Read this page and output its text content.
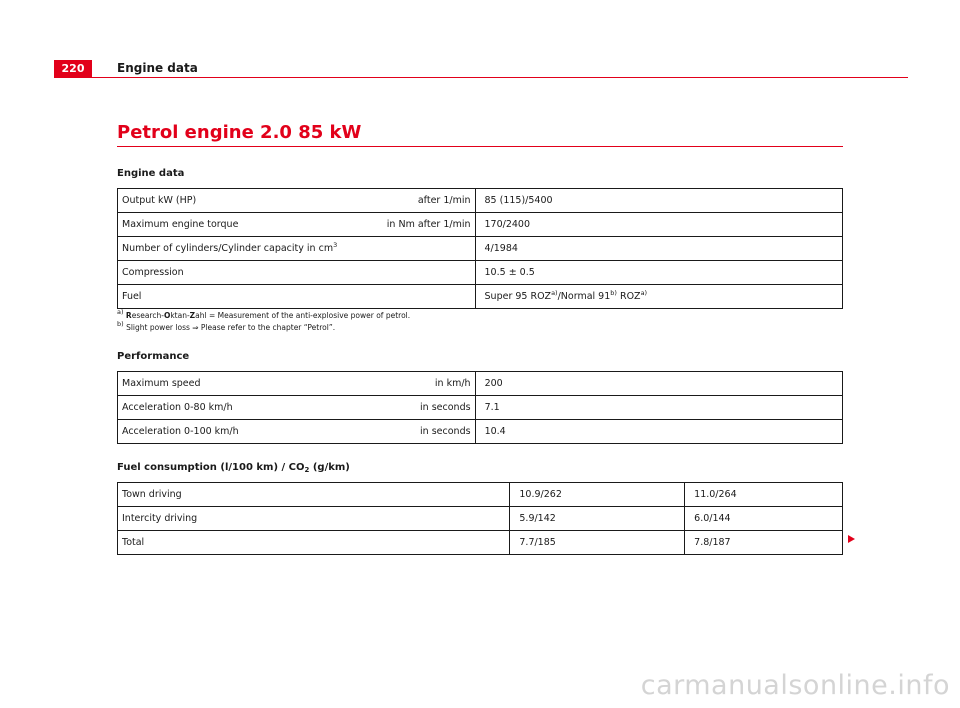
220	Engine data
Petrol engine 2.0 85 kW
Engine data
Output kW (HP) after 1/min	85 (115)/5400

Maximum engine torque in Nm after 1/min	170/2400
Number of cylinders/Cylinder capacity in $cm^3$	4/1984
Compression	10.5 ± 0.5
Fuel	Super 95 ROZ$^{a)}$/Normal 91$^{b)}$ ROZ$^{a)}$
$^{a)}$ Research-Oktan-Zahl = Measurement of the anti-explosive power of petrol.
$^{b)}$ Slight power loss ⇒ Please refer to the chapter “Petrol”.
Performance
Maximum speed in km/h	200

Acceleration 0-80 km/h in seconds	7.1

Acceleration 0-100 km/h in seconds	10.4
Fuel consumption (l/100 $km) / CO_2$ (g/km)
Town driving	10.9/262	11.0/264
Intercity driving	5.9/142	6.0/144
Total	7.7/185	7.8/187
carmanualsonline.info
